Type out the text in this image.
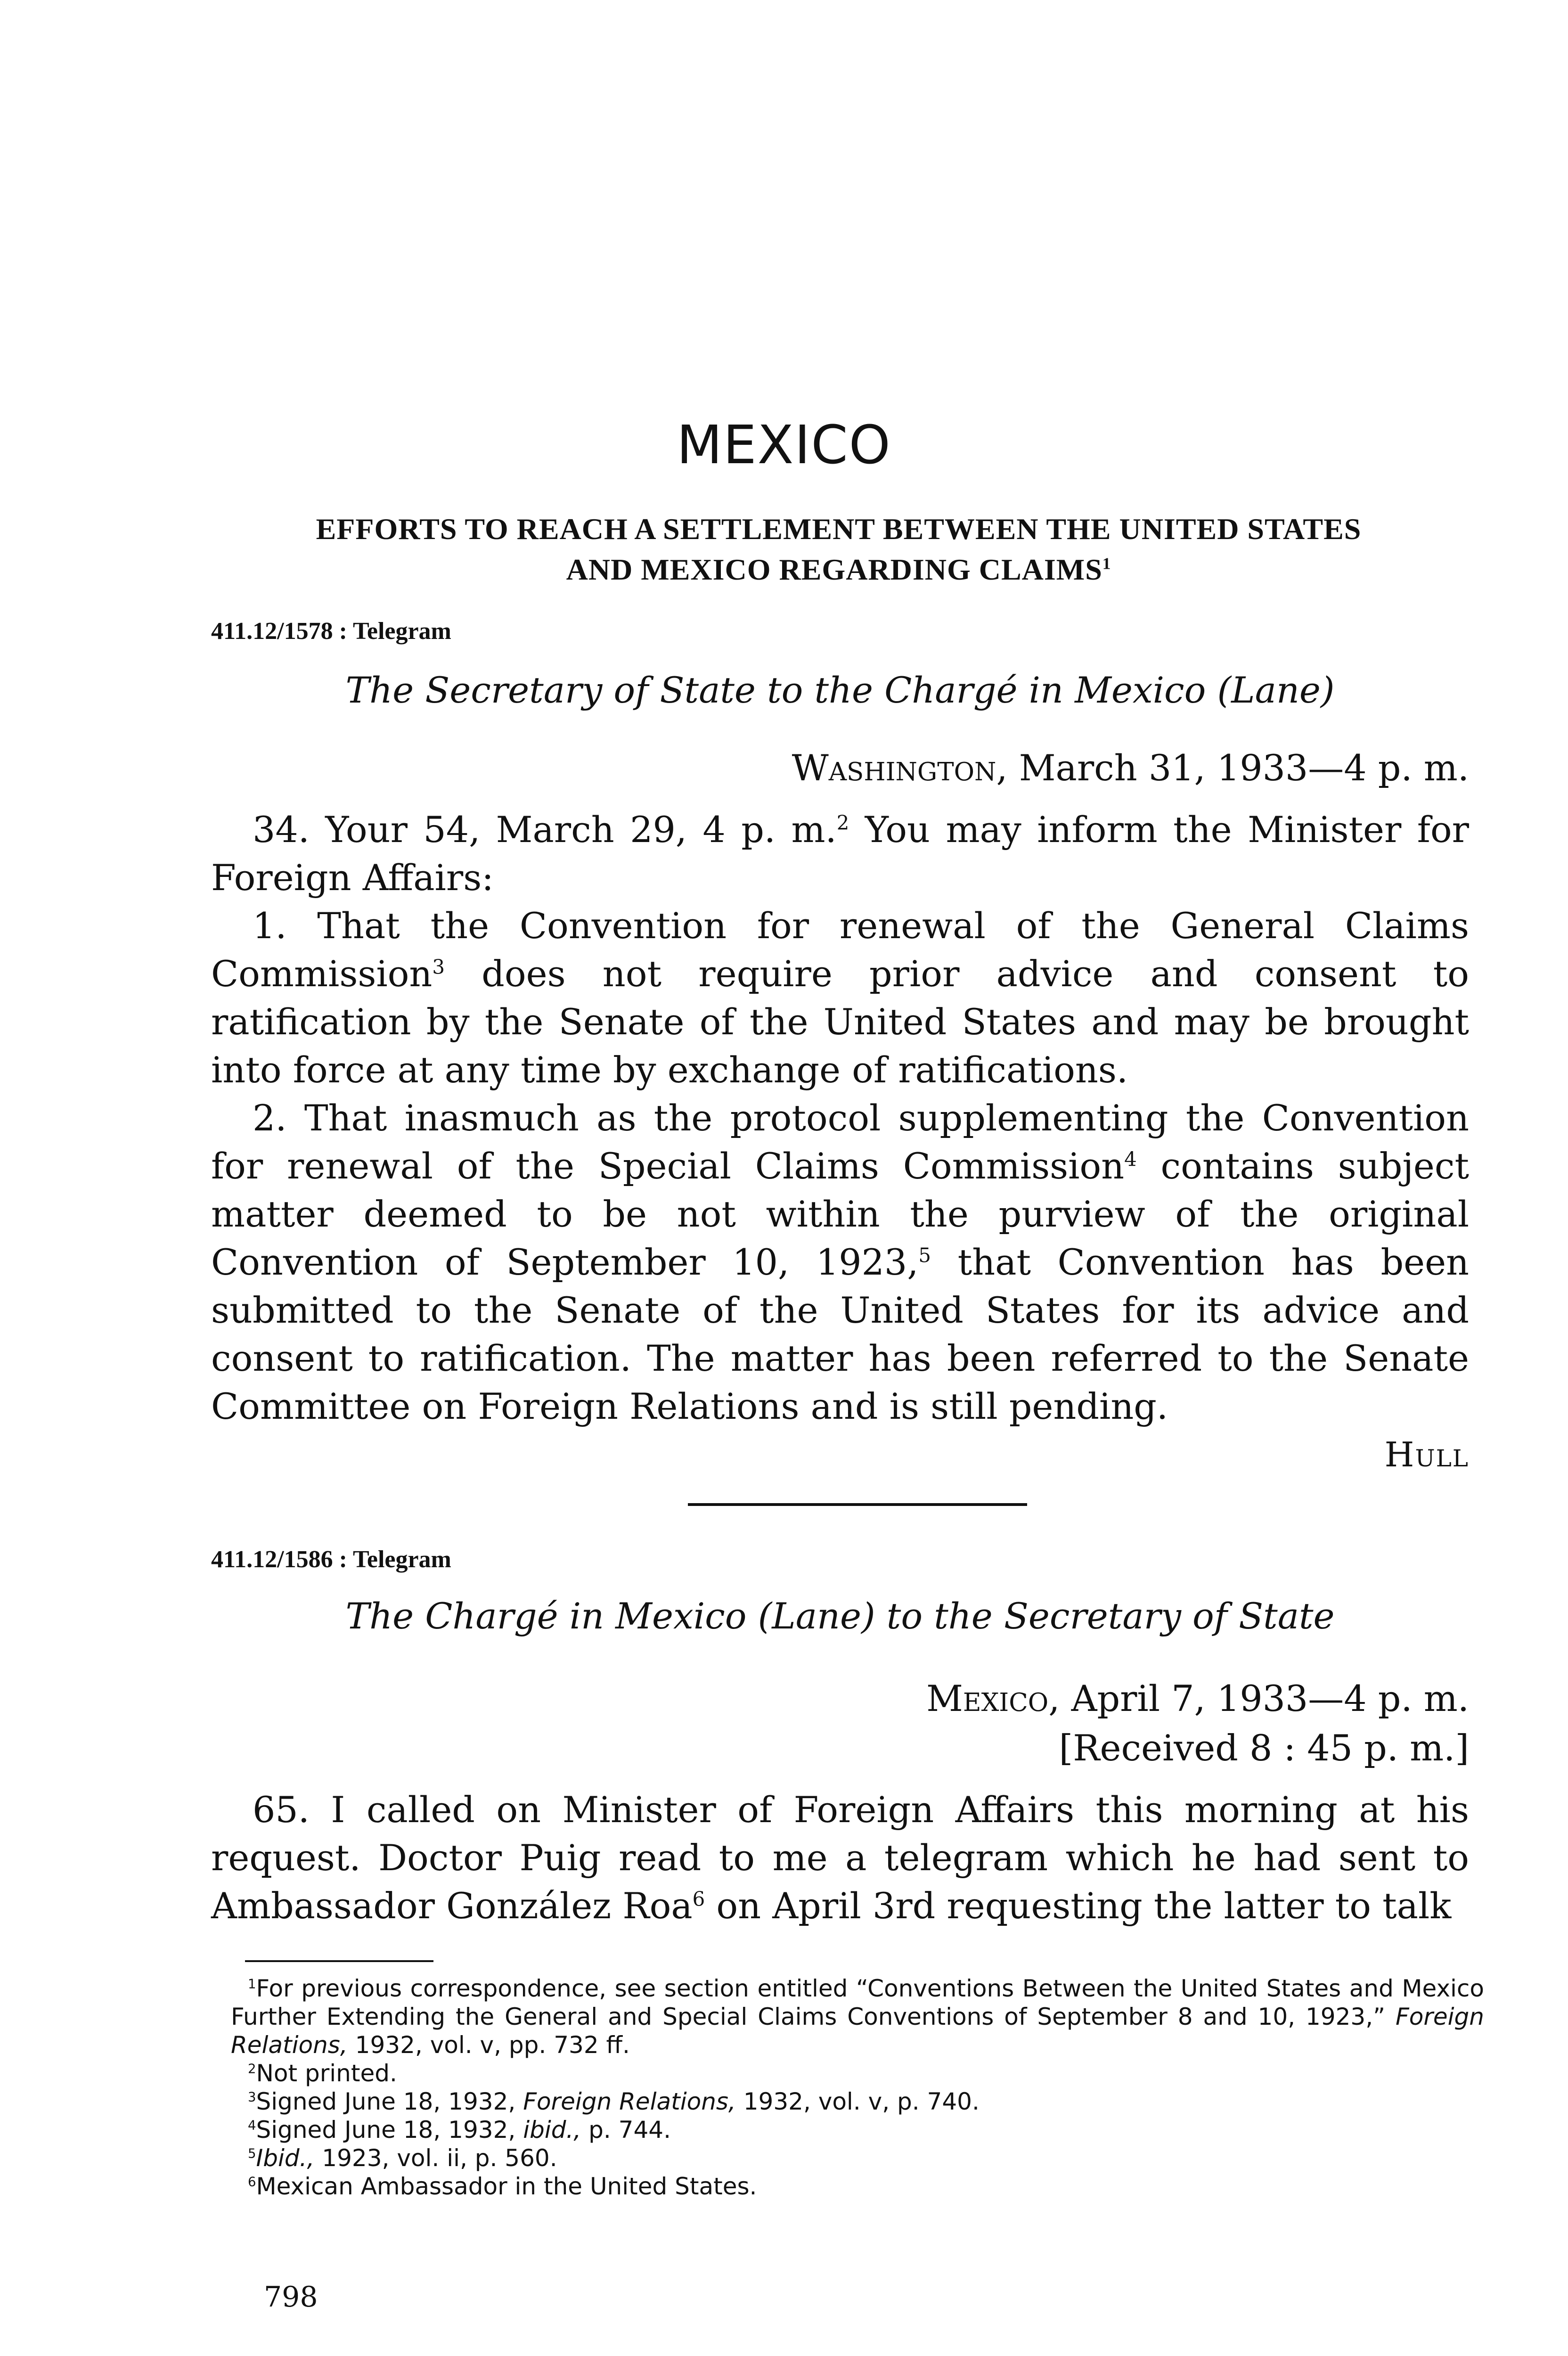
MEXICO
EFFORTS TO REACH A SETTLEMENT BETWEEN THE UNITED STATES
AND MEXICO REGARDING CLAIMS$^1$
411.12/1578 : Telegram
The Secretary of State to the Chargé in Mexico (Lane)
Washington, March 31, 1933—4 p. m.

34. Your 54, March 29, 4 p. m.$^2$ You may inform the Minister for Foreign Affairs:

1. That the Convention for renewal of the General Claims Commission$^3$ does not require prior advice and consent to ratification by the Senate of the United States and may be brought into force at any time by exchange of ratifications.

2. That inasmuch as the protocol supplementing the Convention for renewal of the Special Claims Commission$^4$ contains subject matter deemed to be not within the purview of the original Convention of September 10, 1923,$^5$ that Convention has been submitted to the Senate of the United States for its advice and consent to ratification. The matter has been referred to the Senate Committee on Foreign Relations and is still pending.

Hull
411.12/1586 : Telegram
The Chargé in Mexico (Lane) to the Secretary of State
Mexico, April 7, 1933—4 p. m.
[Received 8 : 45 p. m.]

65. I called on Minister of Foreign Affairs this morning at his request. Doctor Puig read to me a telegram which he had sent to Ambassador González Roa$^6$ on April 3rd requesting the latter to talk

$^1$For previous correspondence, see section entitled “Conventions Between the United States and Mexico Further Extending the General and Special Claims Conventions of September 8 and 10, 1923,” Foreign Relations, 1932, vol. v, pp. 732 ff.

$^2$Not printed.

$^3$Signed June 18, 1932, Foreign Relations, 1932, vol. v, p. 740.

$^4$Signed June 18, 1932, ibid., p. 744.

$^5$Ibid., 1923, vol. ii, p. 560.

$^6$Mexican Ambassador in the United States.

798
